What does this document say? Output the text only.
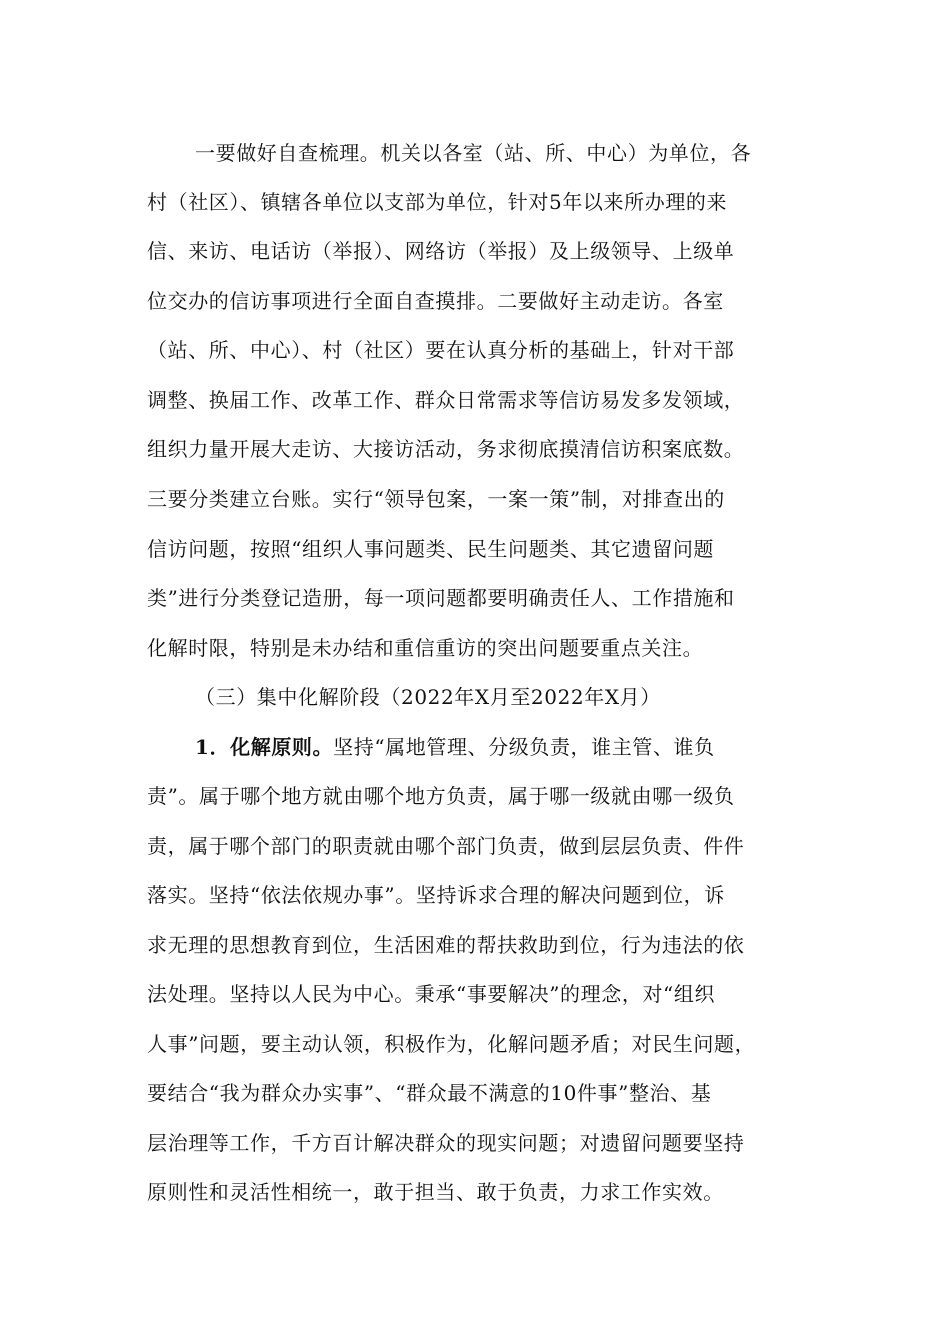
一要做好自查梳理。机关以各室（站、所、中心）为单位，各
村（社区）、镇辖各单位以支部为单位，针对5年以来所办理的来
信、来访、电话访（举报）、网络访（举报）及上级领导、上级单
位交办的信访事项进行全面自查摸排。二要做好主动走访。各室
（站、所、中心）、村（社区）要在认真分析的基础上，针对干部
调整、换届工作、改革工作、群众日常需求等信访易发多发领域，
组织力量开展大走访、大接访活动，务求彻底摸清信访积案底数。
三要分类建立台账。实行“领导包案，一案一策”制，对排查出的
信访问题，按照“组织人事问题类、民生问题类、其它遗留问题
类”进行分类登记造册，每一项问题都要明确责任人、工作措施和
化解时限，特别是未办结和重信重访的突出问题要重点关注。
（三）集中化解阶段（2022年X月至2022年X月）
1．化解原则。坚持“属地管理、分级负责，谁主管、谁负
责”。属于哪个地方就由哪个地方负责，属于哪一级就由哪一级负
责，属于哪个部门的职责就由哪个部门负责，做到层层负责、件件
落实。坚持“依法依规办事”。坚持诉求合理的解决问题到位，诉
求无理的思想教育到位，生活困难的帮扶救助到位，行为违法的依
法处理。坚持以人民为中心。秉承“事要解决”的理念，对“组织
人事”问题，要主动认领，积极作为，化解问题矛盾；对民生问题，
要结合“我为群众办实事”、“群众最不满意的10件事”整治、基
层治理等工作，千方百计解决群众的现实问题；对遗留问题要坚持
原则性和灵活性相统一，敢于担当、敢于负责，力求工作实效。
